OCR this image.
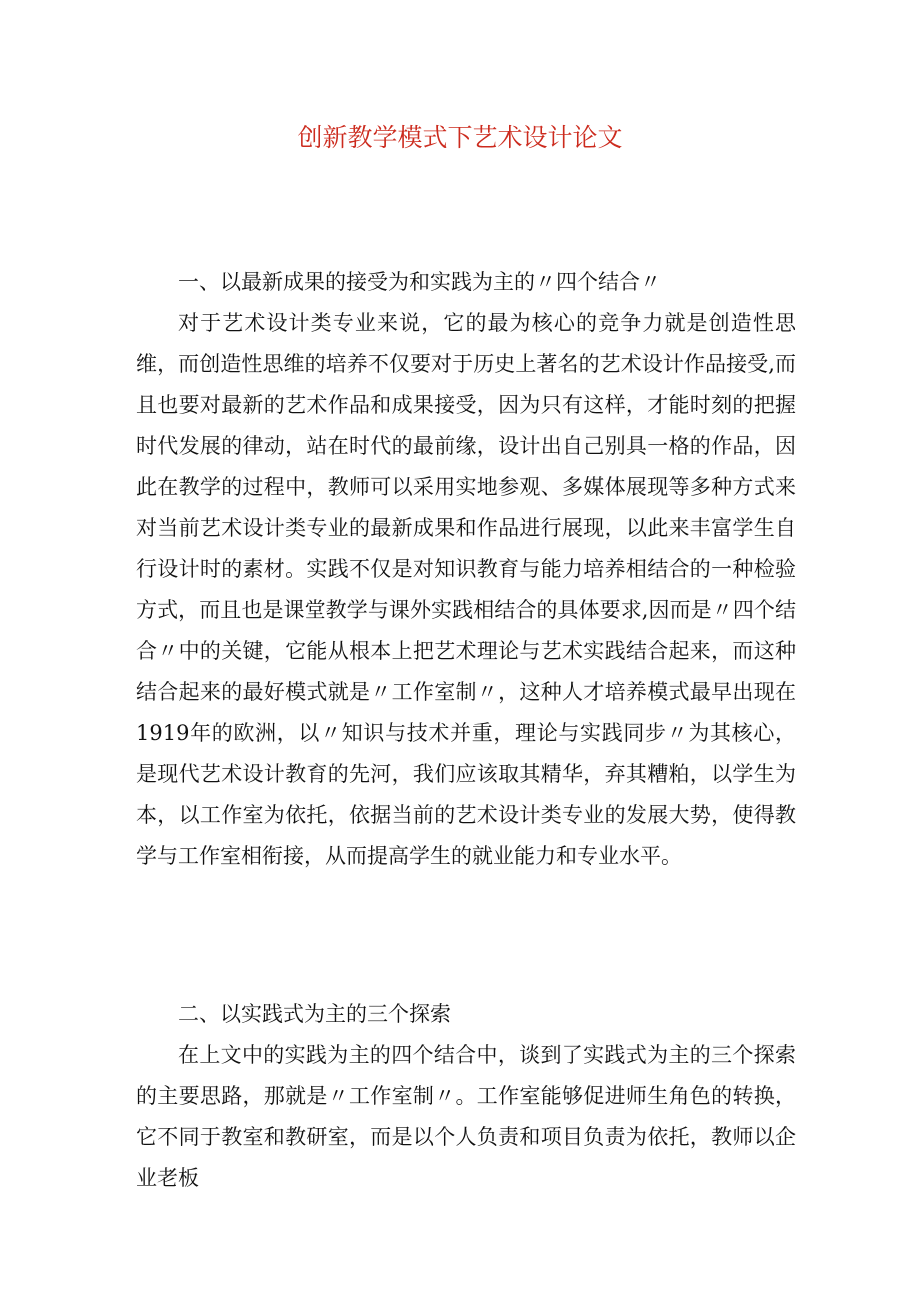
创新教学模式下艺术设计论文

一、以最新成果的接受为和实践为主的〃四个结合〃

对于艺术设计类专业来说，它的最为核心的竞争力就是创造性思维，而创造性思维的培养不仅要对于历史上著名的艺术设计作品接受,而且也要对最新的艺术作品和成果接受，因为只有这样，才能时刻的把握时代发展的律动，站在时代的最前缘，设计出自己别具一格的作品，因此在教学的过程中，教师可以采用实地参观、多媒体展现等多种方式来对当前艺术设计类专业的最新成果和作品进行展现，以此来丰富学生自行设计时的素材。实践不仅是对知识教育与能力培养相结合的一种检验方式，而且也是课堂教学与课外实践相结合的具体要求,因而是〃四个结合〃中的关键，它能从根本上把艺术理论与艺术实践结合起来，而这种结合起来的最好模式就是〃工作室制〃，这种人才培养模式最早出现在1919年的欧洲，以〃知识与技术并重，理论与实践同步〃为其核心，是现代艺术设计教育的先河，我们应该取其精华，弃其糟粕，以学生为本，以工作室为依托，依据当前的艺术设计类专业的发展大势，使得教学与工作室相衔接，从而提高学生的就业能力和专业水平。

二、以实践式为主的三个探索

在上文中的实践为主的四个结合中，谈到了实践式为主的三个探索的主要思路，那就是〃工作室制〃。工作室能够促进师生角色的转换，它不同于教室和教研室，而是以个人负责和项目负责为依托，教师以企业老板
